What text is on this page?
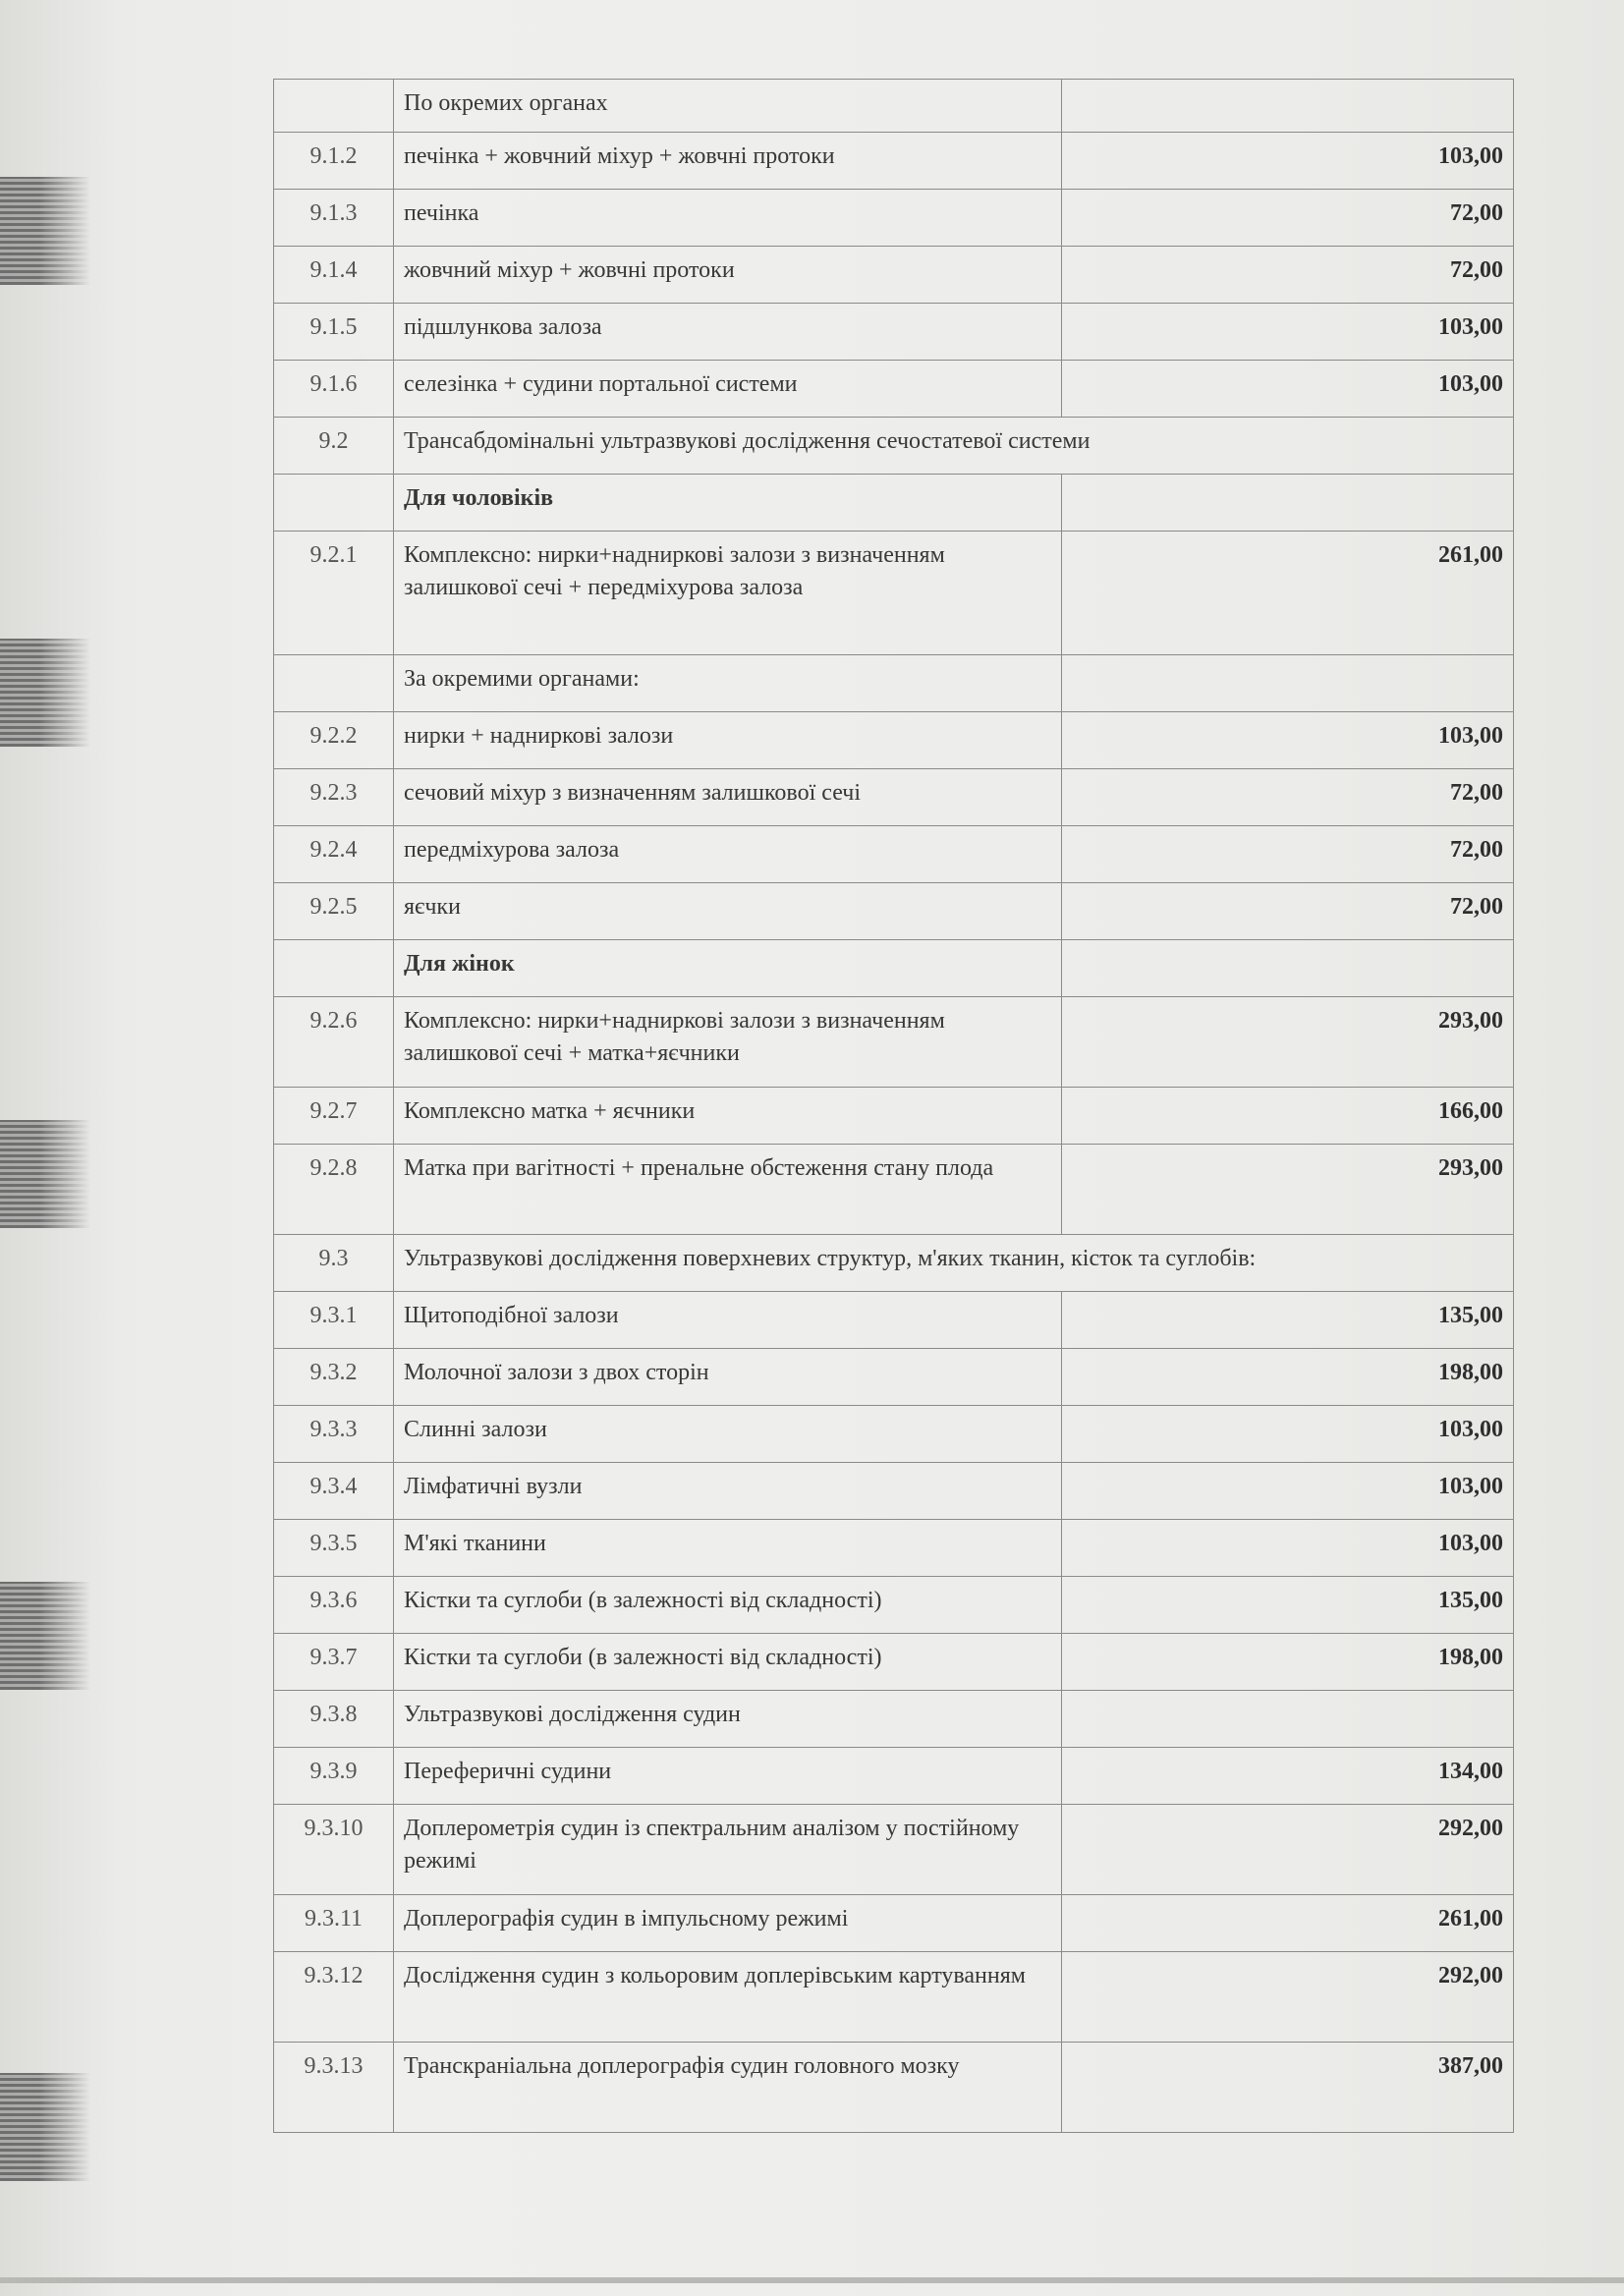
	По окремих органах	
9.1.2	печінка + жовчний міхур + жовчні протоки	103,00
9.1.3	печінка	72,00
9.1.4	жовчний міхур + жовчні протоки	72,00
9.1.5	підшлункова залоза	103,00
9.1.6	селезінка + судини портальної системи	103,00
9.2	Трансабдомінальні ультразвукові дослідження сечостатевої системи	
	Для чоловіків	
9.2.1	Комплексно: нирки+надниркові залози з визначенням залишкової сечі + передміхурова залоза	261,00
	За окремими органами:	
9.2.2	нирки + надниркові залози	103,00
9.2.3	сечовий міхур з визначенням залишкової сечі	72,00
9.2.4	передміхурова залоза	72,00
9.2.5	яєчки	72,00
	Для жінок	
9.2.6	Комплексно: нирки+надниркові залози з визначенням залишкової сечі + матка+яєчники	293,00
9.2.7	Комплексно матка + яєчники	166,00
9.2.8	Матка при вагітності + пренальне обстеження стану плода	293,00
9.3	Ультразвукові дослідження поверхневих структур, м'яких тканин, кісток та суглобів:	
9.3.1	Щитоподібної залози	135,00
9.3.2	Молочної залози з двох сторін	198,00
9.3.3	Слинні залози	103,00
9.3.4	Лімфатичні вузли	103,00
9.3.5	М'які тканини	103,00
9.3.6	Кістки та суглоби (в залежності від складності)	135,00
9.3.7	Кістки та суглоби (в залежності від складності)	198,00
9.3.8	Ультразвукові дослідження судин	
9.3.9	Переферичні судини	134,00
9.3.10	Доплерометрія судин із спектральним аналізом у постійному режимі	292,00
9.3.11	Доплерографія судин в імпульсному режимі	261,00
9.3.12	Дослідження судин з кольоровим доплерівським картуванням	292,00
9.3.13	Транскраніальна доплерографія судин головного мозку	387,00
